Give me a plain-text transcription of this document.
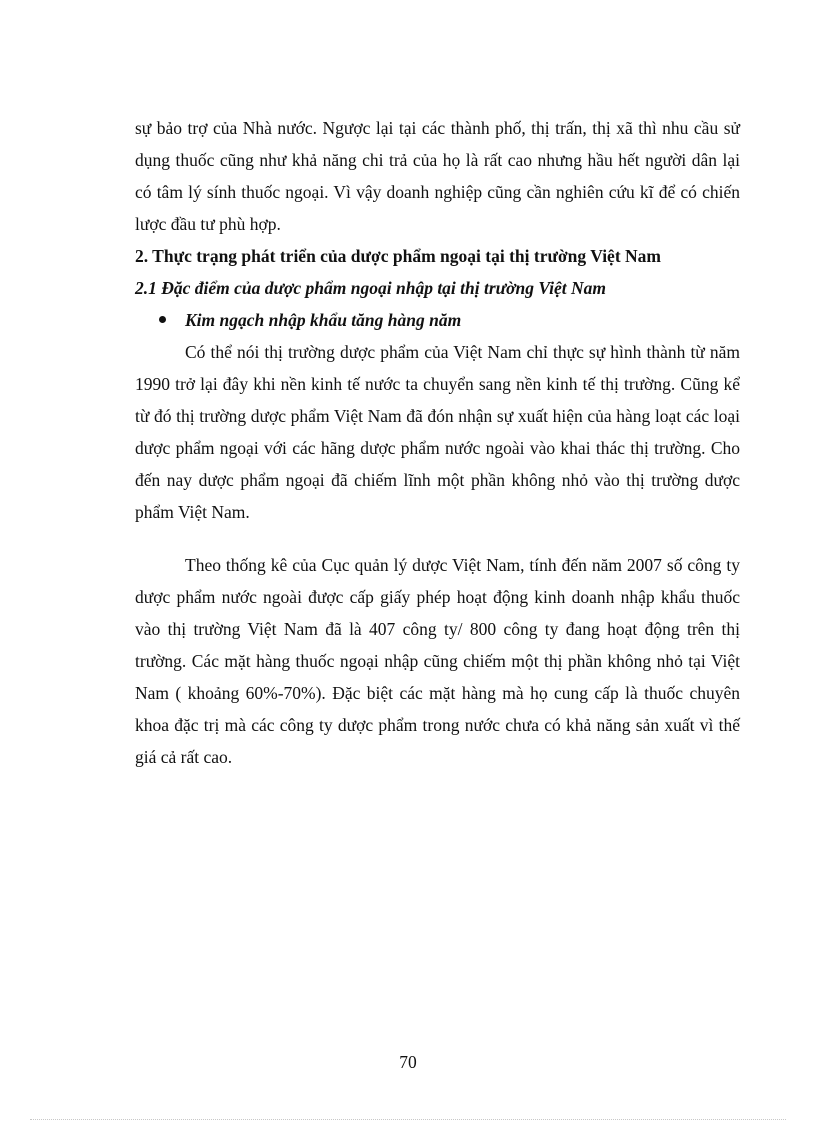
sự bảo trợ của Nhà nước. Ngược lại tại các thành phố, thị trấn, thị xã thì nhu cầu sử dụng thuốc cũng như khả năng chi trả của họ là rất cao nhưng hầu hết người dân lại có tâm lý sính thuốc ngoại. Vì vậy doanh nghiệp cũng cần nghiên cứu kĩ để có chiến lược đầu tư phù hợp.

2. Thực trạng phát triển của dược phẩm ngoại tại thị trường Việt Nam

2.1 Đặc điểm của dược phẩm ngoại nhập tại thị trường Việt Nam

Kim ngạch nhập khẩu tăng hàng năm

Có thể nói thị trường dược phẩm của Việt Nam chỉ thực sự hình thành từ năm 1990 trở lại đây khi nền kinh tế nước ta chuyển sang nền kinh tế thị trường. Cũng kể từ đó thị trường dược phẩm Việt Nam đã đón nhận sự xuất hiện của hàng loạt các loại dược phẩm ngoại với các hãng dược phẩm nước ngoài vào khai thác thị trường. Cho đến nay dược phẩm ngoại đã chiếm lĩnh một phần không nhỏ vào thị trường dược phẩm Việt Nam.

Theo thống kê của Cục quản lý dược Việt Nam, tính đến năm 2007 số công ty dược phẩm nước ngoài được cấp giấy phép hoạt động kinh doanh nhập khẩu thuốc vào thị trường Việt Nam đã là 407 công ty/ 800 công ty đang hoạt động trên thị trường. Các mặt hàng thuốc ngoại nhập cũng chiếm một thị phần không nhỏ tại Việt Nam ( khoảng 60%-70%). Đặc biệt các mặt hàng mà họ cung cấp là thuốc chuyên khoa đặc trị mà các công ty dược phẩm trong nước chưa có khả năng sản xuất vì thế giá cả rất cao.

70
